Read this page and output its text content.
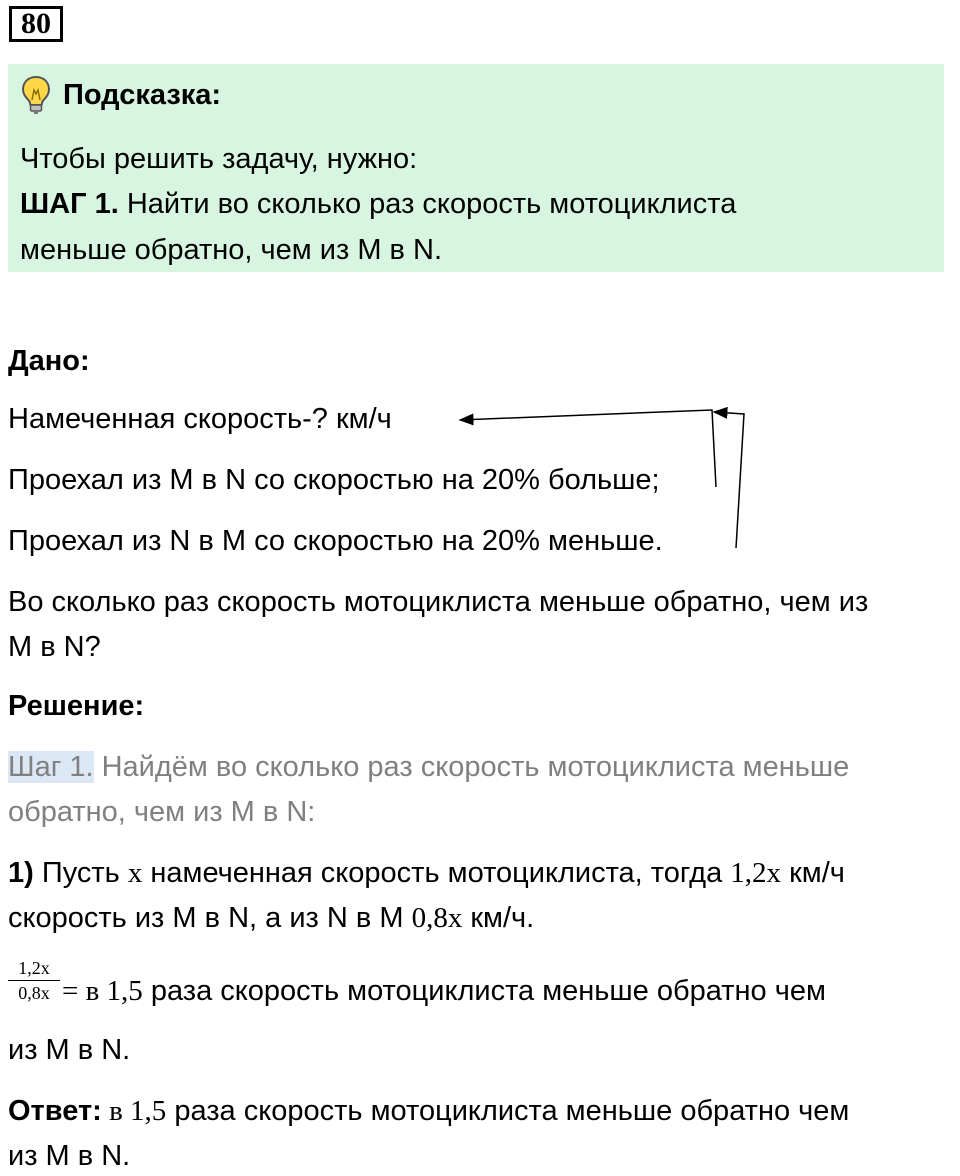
80
Подсказка:
Чтобы решить задачу, нужно:
ШАГ 1. Найти во сколько раз скорость мотоциклиста
меньше обратно, чем из M в N.
Дано:
Намеченная скорость-? км/ч
Проехал из M в N со скоростью на 20% больше;
Проехал из N в M со скоростью на 20% меньше.
Во сколько раз скорость мотоциклиста меньше обратно, чем из
M в N?
Решение:
Шаг 1. Найдём во сколько раз скорость мотоциклиста меньше
обратно, чем из M в N:
1) Пусть x намеченная скорость мотоциклиста, тогда 1,2x км/ч
скорость из M в N, а из N в M 0,8x км/ч.
$\frac{1,2x}{0,8x} = в$ 1,5 раза скорость мотоциклиста меньше обратно чем
из M в N.
Ответ: в 1,5 раза скорость мотоциклиста меньше обратно чем
из M в N.
